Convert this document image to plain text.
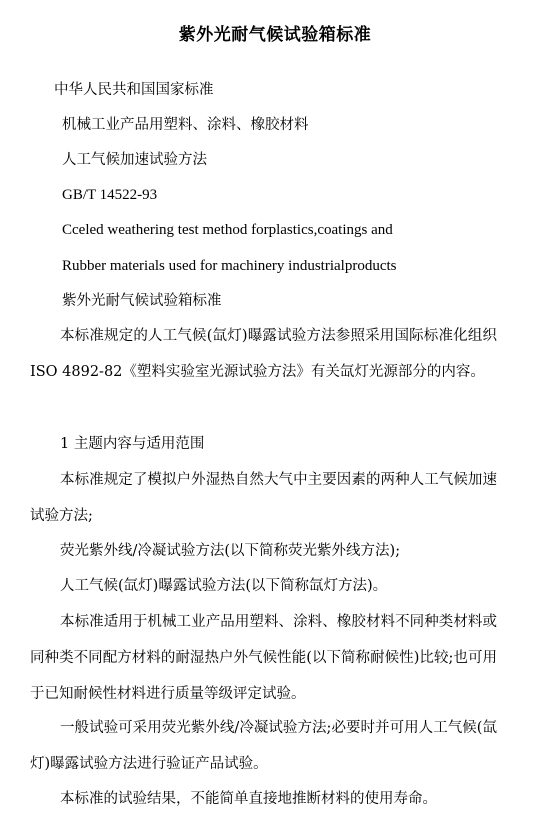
紫外光耐气候试验箱标准
中华人民共和国国家标准
机械工业产品用塑料、涂料、橡胶材料
人工气候加速试验方法
GB/T 14522-93
Cceled weathering test method forplastics,coatings and
Rubber materials used for machinery industrialproducts
紫外光耐气候试验箱标准
本标准规定的人工气候(氙灯)曝露试验方法参照采用国际标准化组织 ISO 4892-82《塑料实验室光源试验方法》有关氙灯光源部分的内容。
1 主题内容与适用范围
本标准规定了模拟户外湿热自然大气中主要因素的两种人工气候加速试验方法;
荧光紫外线/冷凝试验方法(以下简称荧光紫外线方法);
人工气候(氙灯)曝露试验方法(以下简称氙灯方法)。
本标准适用于机械工业产品用塑料、涂料、橡胶材料不同种类材料或同种类不同配方材料的耐湿热户外气候性能(以下简称耐候性)比较;也可用于已知耐候性材料进行质量等级评定试验。
一般试验可采用荧光紫外线/冷凝试验方法;必要时并可用人工气候(氙灯)曝露试验方法进行验证产品试验。
本标准的试验结果，不能简单直接地推断材料的使用寿命。
